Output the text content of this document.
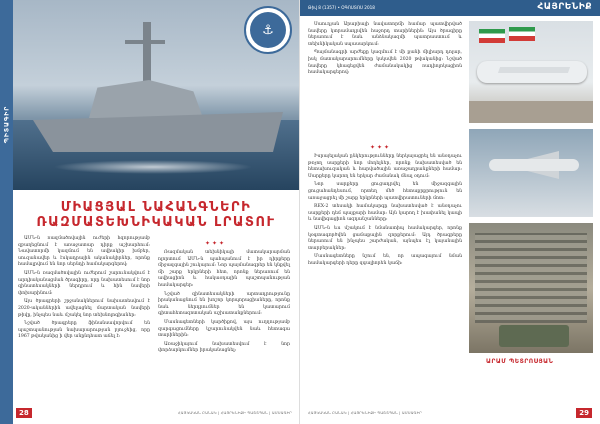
ՊԻՏԱԳԻՐ
⚓
ՄԻԱՑՅԱԼ ՆԱՀԱՆԳՆԵՐԻ
ՌԱԶՄԱՏԵԽՆԻԿԱԿԱՆ ԼՐԱՏՈՒ

ԱՄՆ-ն ռազմածովային ուժերի հզորությամբ զբաղեցնում է առաջատար դիրք աշխարհում։ Նավատորմի կազմում են ավիակիր խմբեր, սուզանավեր և էսկադրային ականակիրներ, որոնք համալրվում են նոր սերնդի համակարգերով։

ԱՄՆ-ն ռազմածովային ուժերում շարունակվում է արդիականացման ծրագիրը, որը նախատեսում է նոր զինատեսակների ներդրում և հին նավերի փոխարինում։

Այս ծրագրերի շրջանակներում նախատեսվում է 2020-ականներին ավելացնել մարտական նավերի թիվը, ինչպես նաև մշակել նոր տեխնոլոգիաներ։

Նշված ծրագրերը ֆինանսավորվում են պաշտպանության նախարարության բյուջեից, որը 1967 թվականից ի վեր անընդհատ աճել է։

✦✦✦

Ռազմական տեխնիկայի մատակարարման ոլորտում ԱՄՆ-ն պահպանում է իր դիրքերը միջազգային շուկայում։ Նոր պայմանագրեր են կնքվել մի շարք երկրների հետ, որոնք ներառում են ավիացիոն և հակաօդային պաշտպանության համակարգեր։

Նշված զինատեսակների արտադրությունը իրականացնում են խոշոր կորպորացիաները, որոնք նաև ներդրումներ են կատարում գիտահետազոտական աշխատանքներում։

Մասնագետների կարծիքով, այս ուղղությամբ զարգացումները կշարունակվեն նաև հետագա տարիներին։

Առաջիկայում նախատեսվում է նոր փորձարկումներ իրականացնել։

28	ՀԱՅԿԱԿԱՆ ԲԱՆԱԿ | ՀԱՅՐԵՆԻՔԻ ՊԱՇՏՊԱՆ | ԱՄՍԱԳԻՐ
Թիվ 8 (1357) • ՕԳՈՍՏՈՍ 2018	ՀԱՅՐԵՆԻՔ

Սաուդյան Արաբիայի նավատորմի համար պատվիրված նավերը կտրամադրվեն հաջորդ տարիներին։ Այս ծրագիրը ներառում է նաև անձնակազմի պատրաստում և տեխնիկական սպասարկում։

Պայմանագրի արժեքը կազմում է մի քանի միլիարդ դոլար, իսկ մատակարարումները կսկսվեն 2020 թվականից։ Նշված նավերը կհագեցվեն ժամանակակից ռադիոլոկացիոն համակարգերով։

✦✦✦

Իսրայելական ընկերությունները ներկայացրել են անօդաչու թռչող սարքերի նոր մոդելներ, որոնք նախատեսված են հետախուզական և հարվածային առաջադրանքների համար։ Սարքերը կարող են երկար ժամանակ մնալ օդում։

Նոր սարքերը ցուցադրվել են միջազգային ցուցահանդեսում, որտեղ մեծ հետաքրքրություն են առաջացրել մի շարք երկրների պատվիրատուների մոտ։

REX-2 տեսակի համակարգը նախատեսված է անօդաչու սարքերի դեմ պայքարի համար։ Այն կարող է խափանել կապի և նավիգացիոն ազդանշանները։

ԱՄՆ-ն ևս մշակում է նմանատիպ համակարգեր, որոնք կօգտագործվեն ցամաքային զորքերում։ Այդ ծրագրերը ներառում են ինչպես շարժական, այնպես էլ կայանային տարբերակներ։

Մասնագետները նշում են, որ ապագայում նման համակարգերի դերը զգալիորեն կաճի։

ԱՐԱՄ ՊԵՏՐՈՍՅԱՆ
ՀԱՅԿԱԿԱՆ ԲԱՆԱԿ | ՀԱՅՐԵՆԻՔԻ ՊԱՇՏՊԱՆ | ԱՄՍԱԳԻՐ	29
